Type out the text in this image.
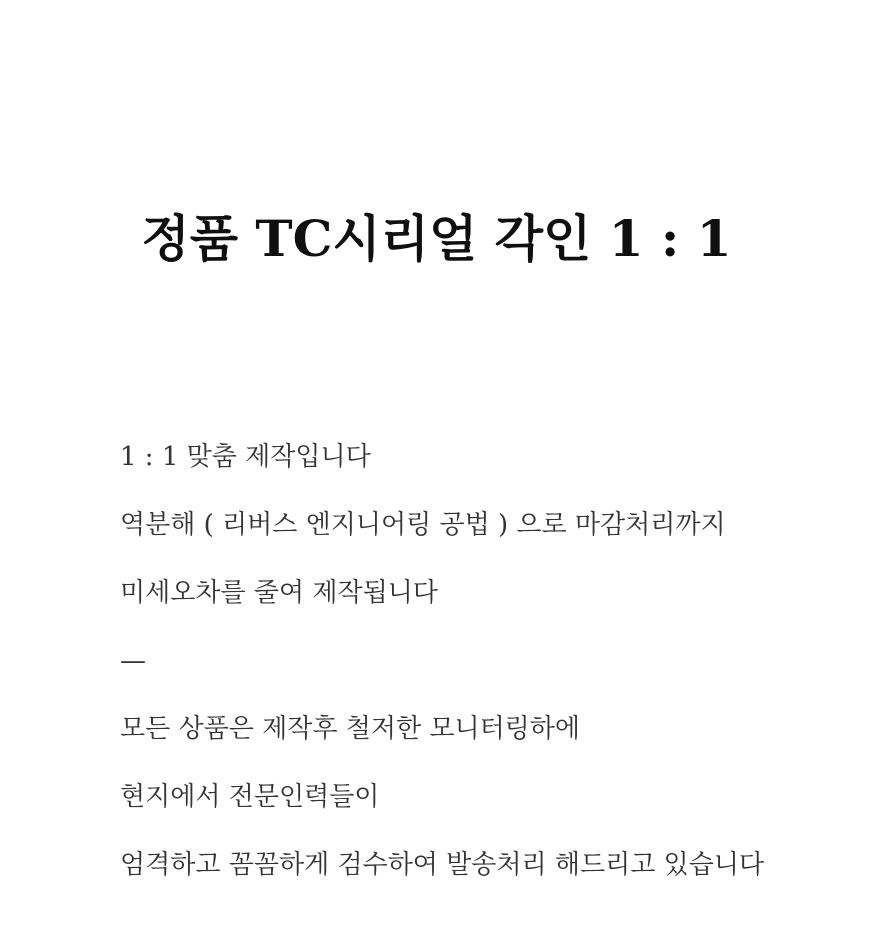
정품 TC시리얼 각인 1 : 1

1 : 1 맞춤 제작입니다

역분해 ( 리버스 엔지니어링 공법 ) 으로 마감처리까지

미세오차를 줄여 제작됩니다

—

모든 상품은 제작후 철저한 모니터링하에

현지에서 전문인력들이

엄격하고 꼼꼼하게 검수하여 발송처리 해드리고 있습니다
